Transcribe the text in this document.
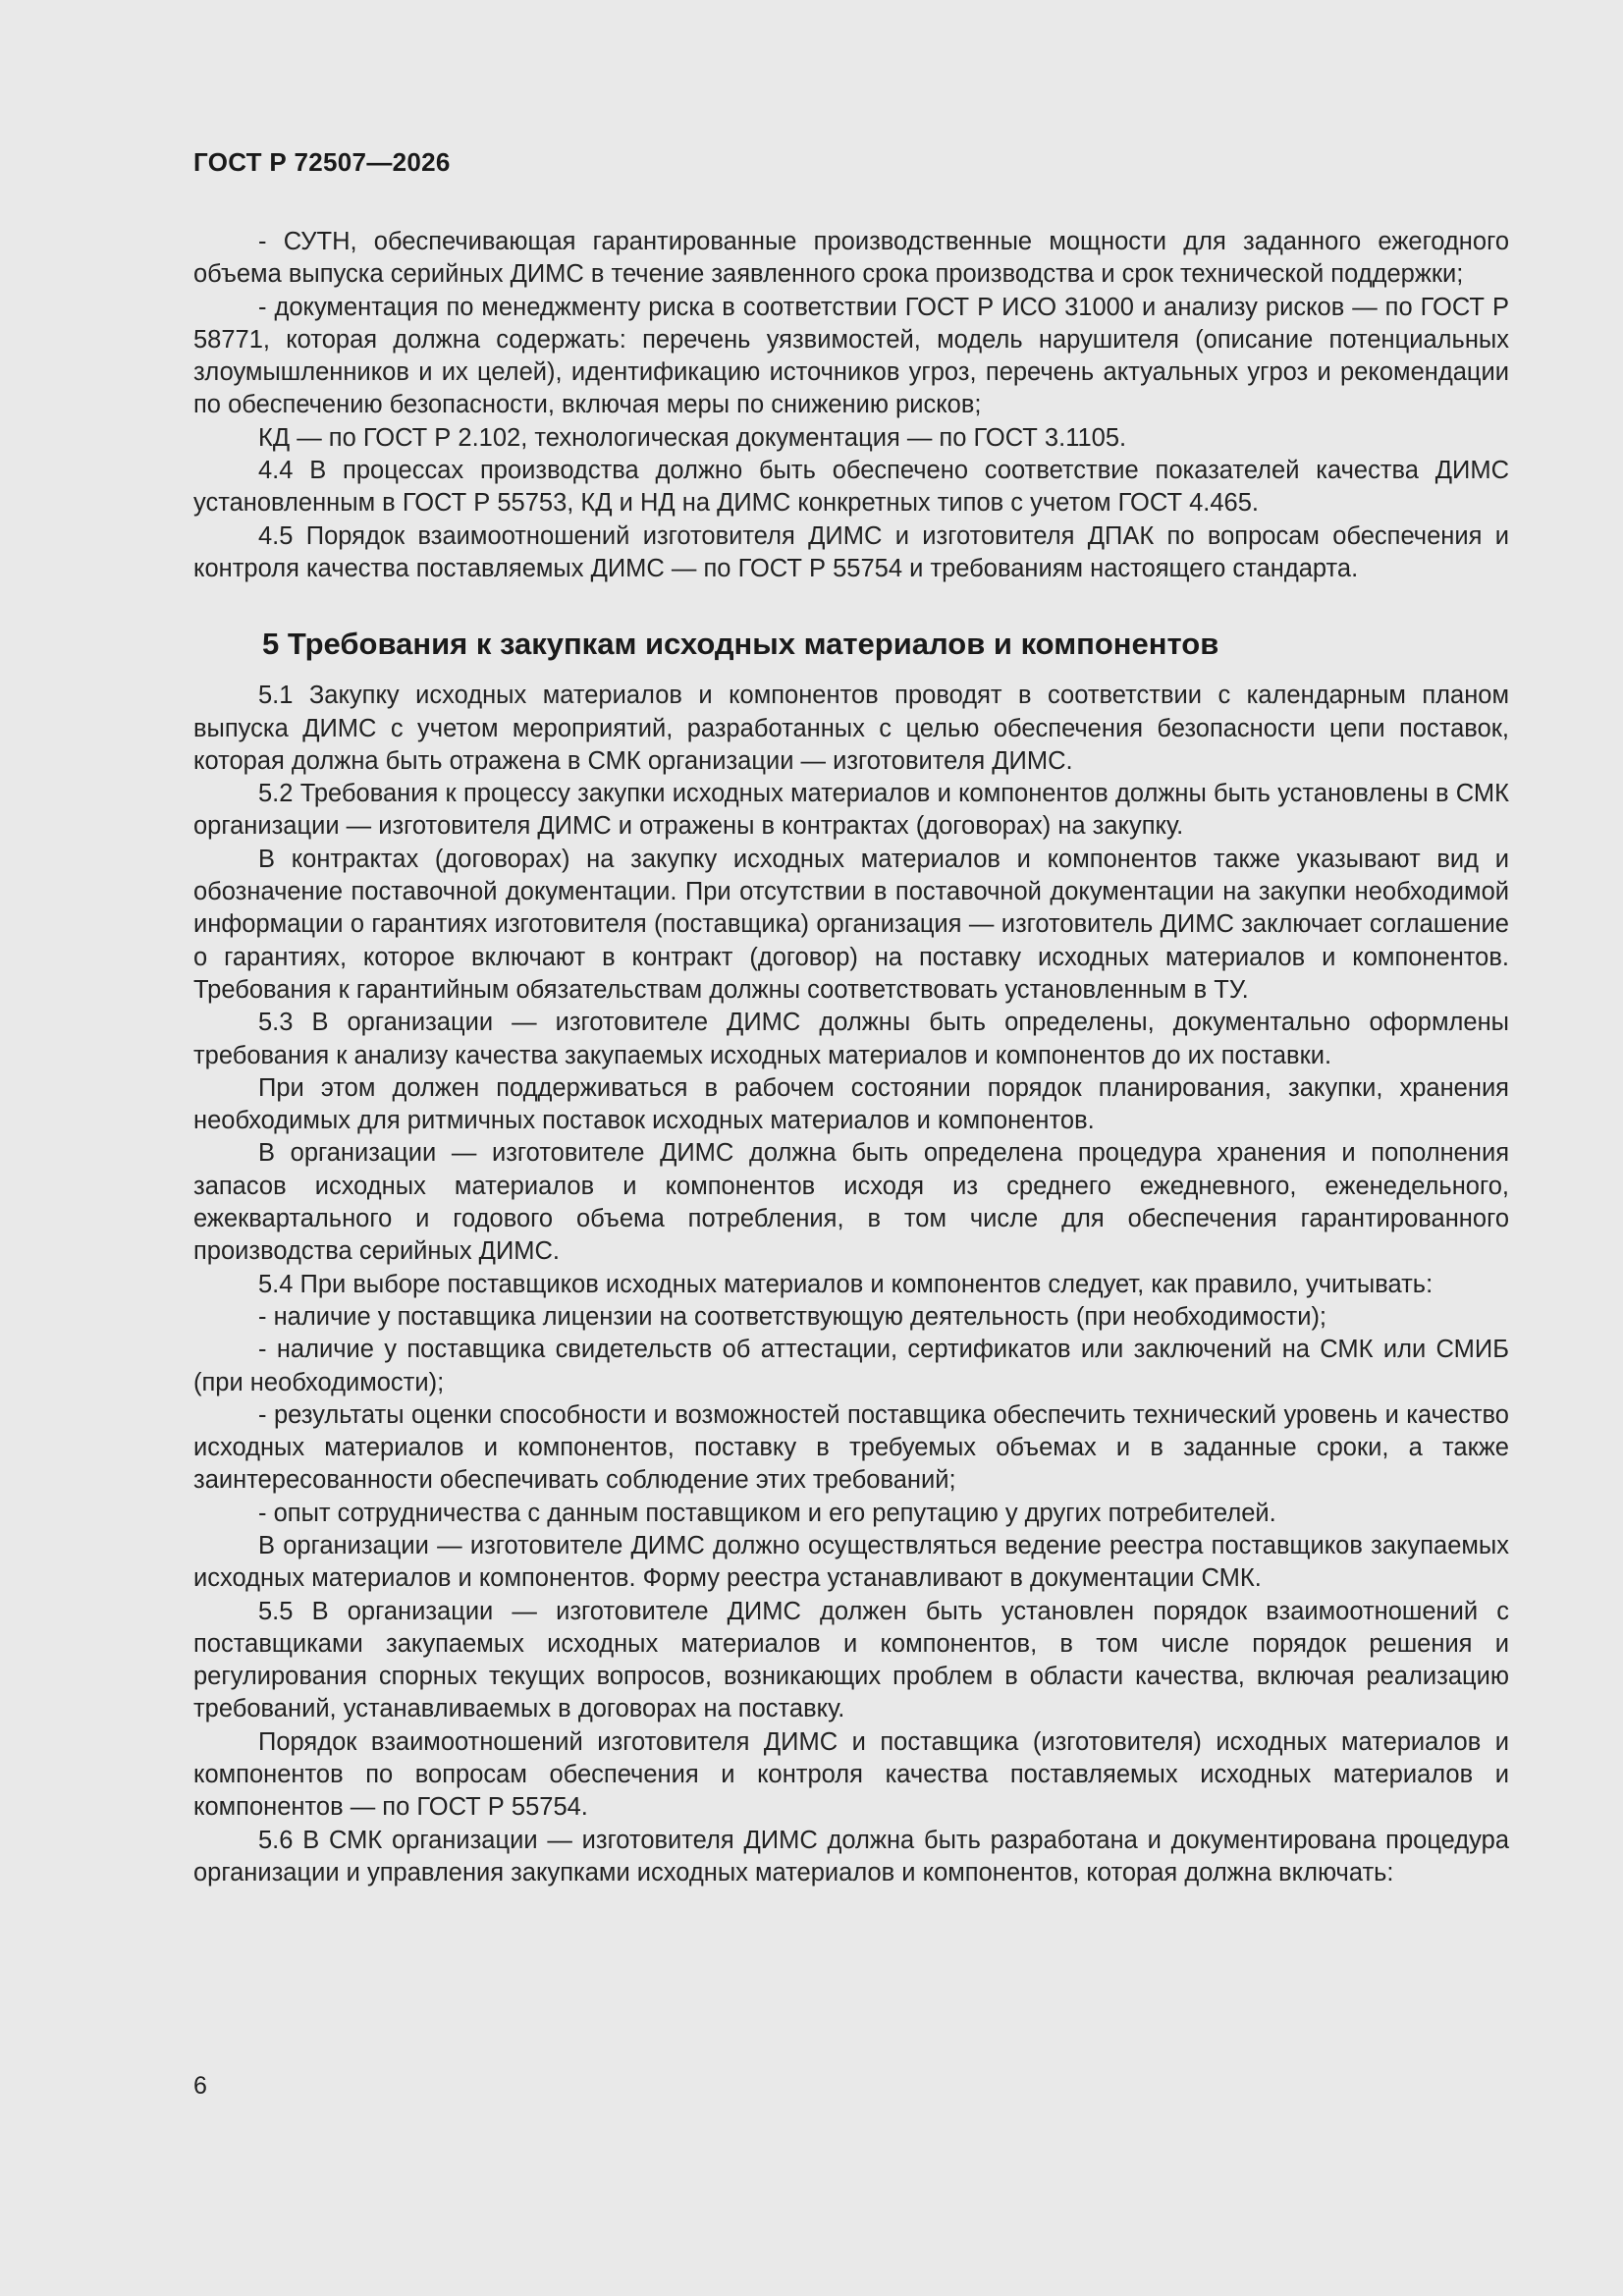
ГОСТ Р 72507—2026

- СУТН, обеспечивающая гарантированные производственные мощности для заданного ежегодного объема выпуска серийных ДИМС в течение заявленного срока производства и срок технической поддержки;

- документация по менеджменту риска в соответствии ГОСТ Р ИСО 31000 и анализу рисков — по ГОСТ Р 58771, которая должна содержать: перечень уязвимостей, модель нарушителя (описание потенциальных злоумышленников и их целей), идентификацию источников угроз, перечень актуальных угроз и рекомендации по обеспечению безопасности, включая меры по снижению рисков;

КД — по ГОСТ Р 2.102, технологическая документация — по ГОСТ 3.1105.

4.4 В процессах производства должно быть обеспечено соответствие показателей качества ДИМС установленным в ГОСТ Р 55753, КД и НД на ДИМС конкретных типов с учетом ГОСТ 4.465.

4.5 Порядок взаимоотношений изготовителя ДИМС и изготовителя ДПАК по вопросам обеспечения и контроля качества поставляемых ДИМС — по ГОСТ Р 55754 и требованиям настоящего стандарта.

5 Требования к закупкам исходных материалов и компонентов

5.1 Закупку исходных материалов и компонентов проводят в соответствии с календарным планом выпуска ДИМС с учетом мероприятий, разработанных с целью обеспечения безопасности цепи поставок, которая должна быть отражена в СМК организации — изготовителя ДИМС.

5.2 Требования к процессу закупки исходных материалов и компонентов должны быть установлены в СМК организации — изготовителя ДИМС и отражены в контрактах (договорах) на закупку.

В контрактах (договорах) на закупку исходных материалов и компонентов также указывают вид и обозначение поставочной документации. При отсутствии в поставочной документации на закупки необходимой информации о гарантиях изготовителя (поставщика) организация — изготовитель ДИМС заключает соглашение о гарантиях, которое включают в контракт (договор) на поставку исходных материалов и компонентов. Требования к гарантийным обязательствам должны соответствовать установленным в ТУ.

5.3 В организации — изготовителе ДИМС должны быть определены, документально оформлены требования к анализу качества закупаемых исходных материалов и компонентов до их поставки.

При этом должен поддерживаться в рабочем состоянии порядок планирования, закупки, хранения необходимых для ритмичных поставок исходных материалов и компонентов.

В организации — изготовителе ДИМС должна быть определена процедура хранения и пополнения запасов исходных материалов и компонентов исходя из среднего ежедневного, еженедельного, ежеквартального и годового объема потребления, в том числе для обеспечения гарантированного производства серийных ДИМС.

5.4 При выборе поставщиков исходных материалов и компонентов следует, как правило, учитывать:

- наличие у поставщика лицензии на соответствующую деятельность (при необходимости);

- наличие у поставщика свидетельств об аттестации, сертификатов или заключений на СМК или СМИБ (при необходимости);

- результаты оценки способности и возможностей поставщика обеспечить технический уровень и качество исходных материалов и компонентов, поставку в требуемых объемах и в заданные сроки, а также заинтересованности обеспечивать соблюдение этих требований;

- опыт сотрудничества с данным поставщиком и его репутацию у других потребителей.

В организации — изготовителе ДИМС должно осуществляться ведение реестра поставщиков закупаемых исходных материалов и компонентов. Форму реестра устанавливают в документации СМК.

5.5 В организации — изготовителе ДИМС должен быть установлен порядок взаимоотношений с поставщиками закупаемых исходных материалов и компонентов, в том числе порядок решения и регулирования спорных текущих вопросов, возникающих проблем в области качества, включая реализацию требований, устанавливаемых в договорах на поставку.

Порядок взаимоотношений изготовителя ДИМС и поставщика (изготовителя) исходных материалов и компонентов по вопросам обеспечения и контроля качества поставляемых исходных материалов и компонентов — по ГОСТ Р 55754.

5.6 В СМК организации — изготовителя ДИМС должна быть разработана и документирована процедура организации и управления закупками исходных материалов и компонентов, которая должна включать:

6
